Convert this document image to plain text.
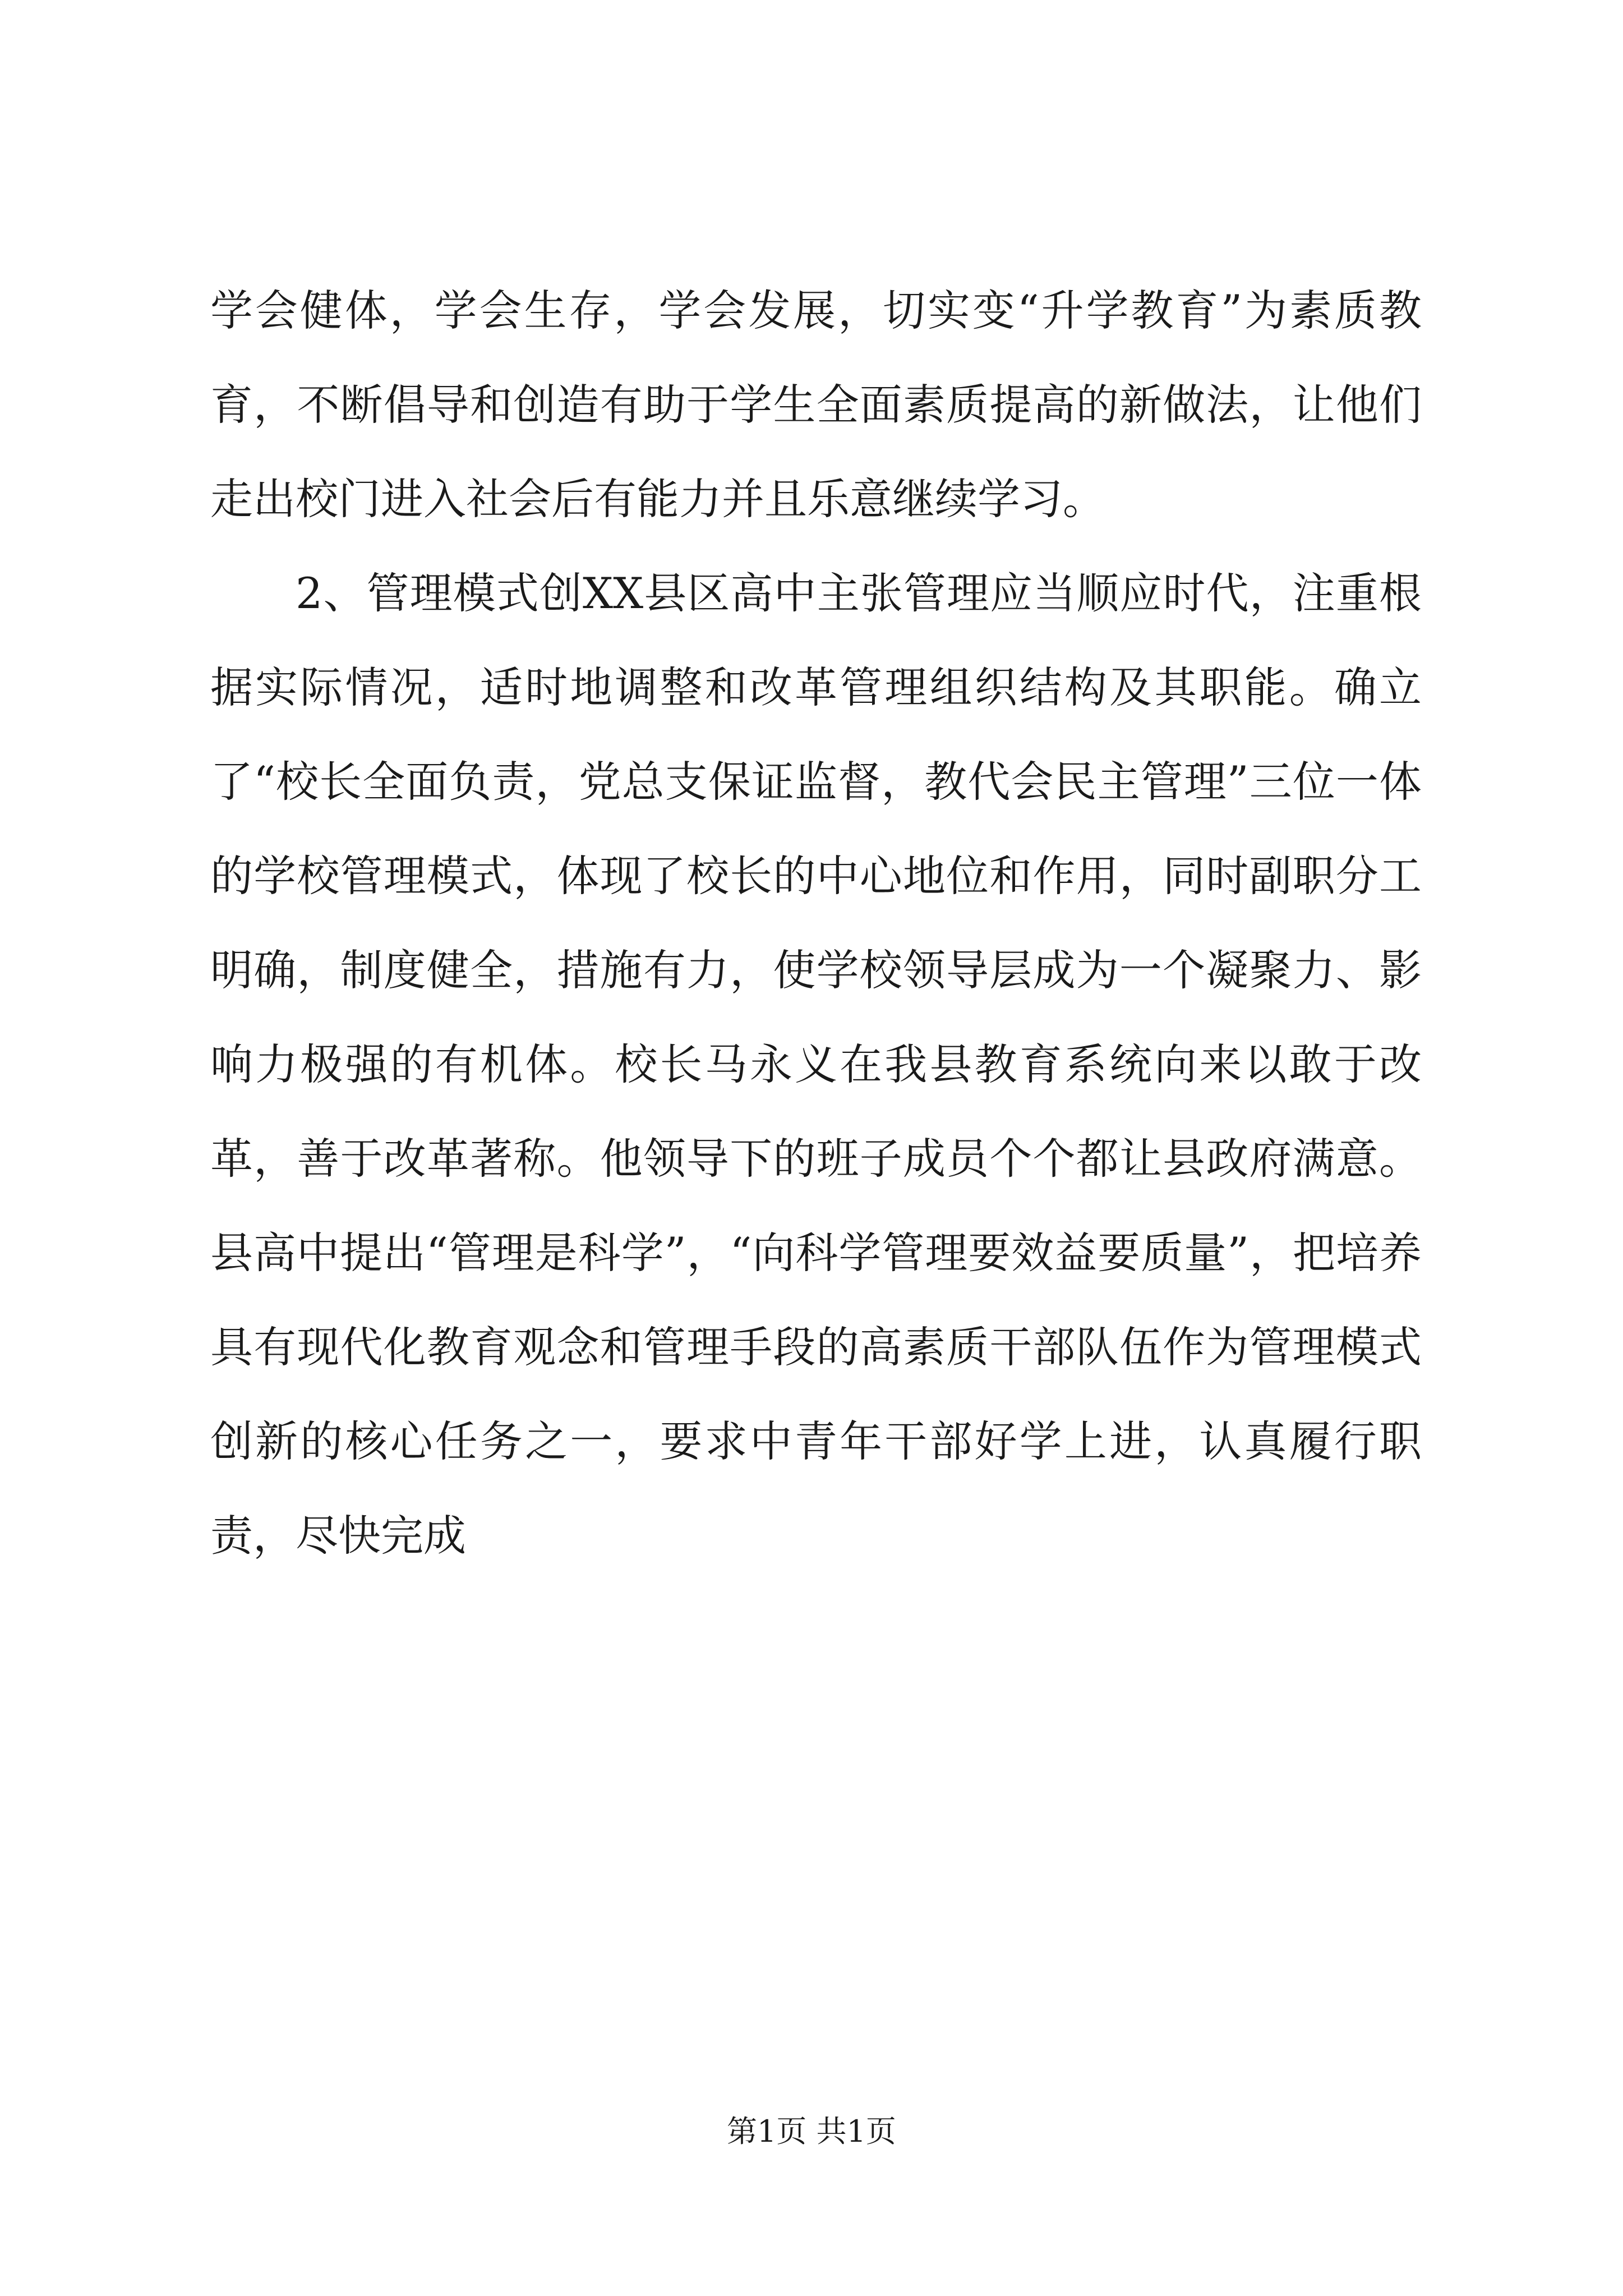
学会健体，学会生存，学会发展，切实变“升学教育”为素质教育，不断倡导和创造有助于学生全面素质提高的新做法，让他们走出校门进入社会后有能力并且乐意继续学习。

2、管理模式创XX县区高中主张管理应当顺应时代，注重根据实际情况，适时地调整和改革管理组织结构及其职能。确立了“校长全面负责，党总支保证监督，教代会民主管理”三位一体的学校管理模式，体现了校长的中心地位和作用，同时副职分工明确，制度健全，措施有力，使学校领导层成为一个凝聚力、影响力极强的有机体。校长马永义在我县教育系统向来以敢于改革，善于改革著称。他领导下的班子成员个个都让县政府满意。县高中提出“管理是科学”，“向科学管理要效益要质量”，把培养具有现代化教育观念和管理手段的高素质干部队伍作为管理模式创新的核心任务之一，要求中青年干部好学上进，认真履行职责，尽快完成

第1页 共1页
